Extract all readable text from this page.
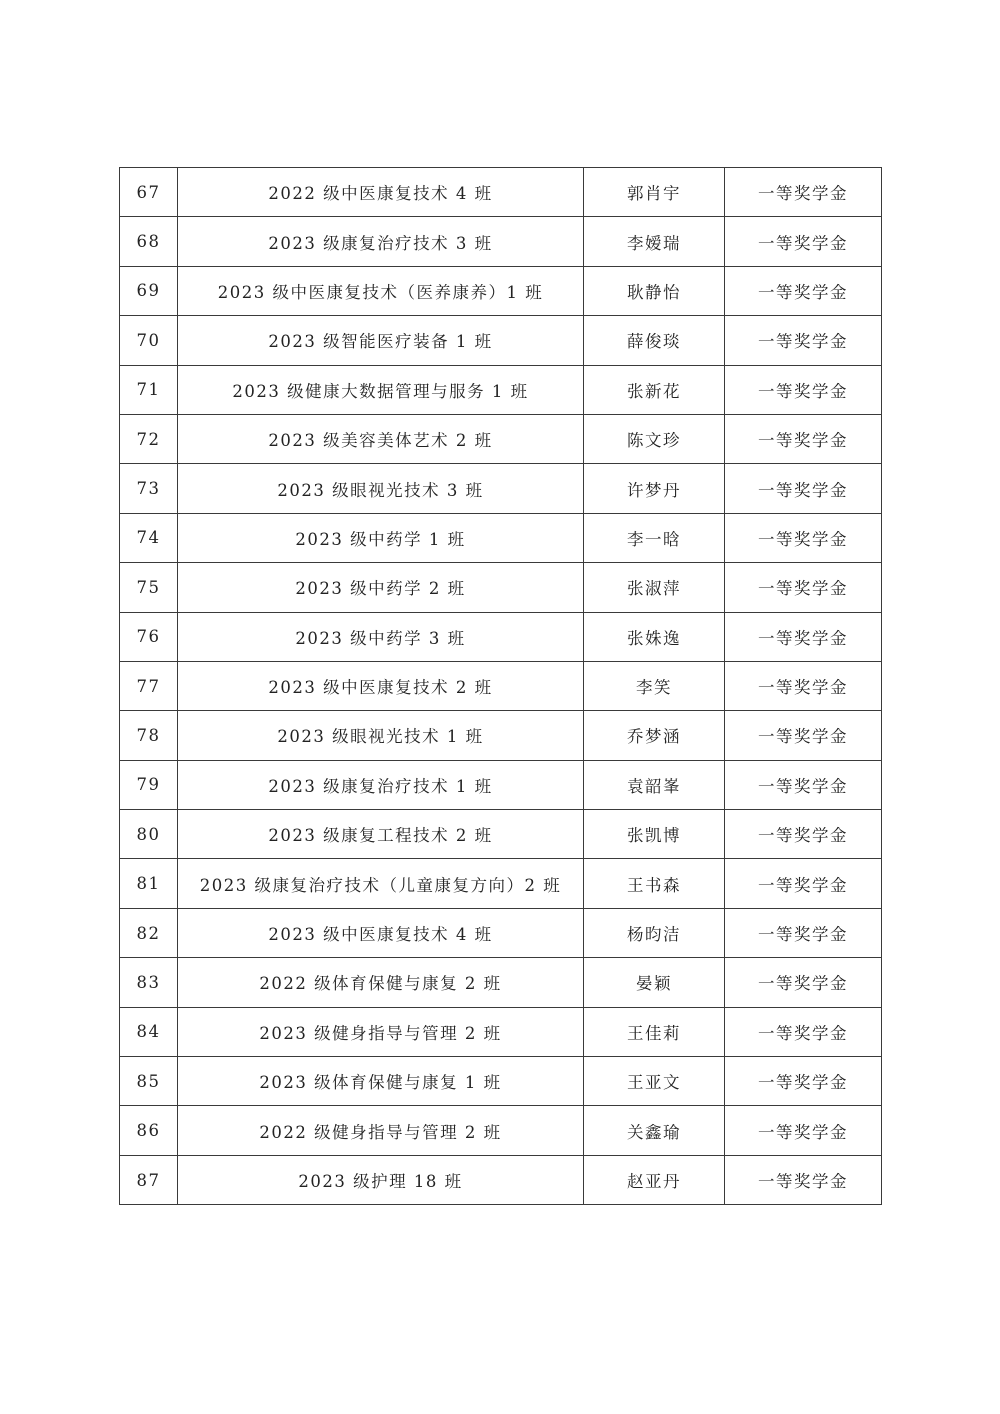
67	2022 级中医康复技术 4 班	郭肖宇	一等奖学金
68	2023 级康复治疗技术 3 班	李嫒瑞	一等奖学金
69	2023 级中医康复技术（医养康养）1 班	耿静怡	一等奖学金
70	2023 级智能医疗装备 1 班	薛俊琰	一等奖学金
71	2023 级健康大数据管理与服务 1 班	张新花	一等奖学金
72	2023 级美容美体艺术 2 班	陈文珍	一等奖学金
73	2023 级眼视光技术 3 班	许梦丹	一等奖学金
74	2023 级中药学 1 班	李一晗	一等奖学金
75	2023 级中药学 2 班	张淑萍	一等奖学金
76	2023 级中药学 3 班	张姝逸	一等奖学金
77	2023 级中医康复技术 2 班	李笑	一等奖学金
78	2023 级眼视光技术 1 班	乔梦涵	一等奖学金
79	2023 级康复治疗技术 1 班	袁韶峯	一等奖学金
80	2023 级康复工程技术 2 班	张凯博	一等奖学金
81	2023 级康复治疗技术（儿童康复方向）2 班	王书森	一等奖学金
82	2023 级中医康复技术 4 班	杨昀洁	一等奖学金
83	2022 级体育保健与康复 2 班	晏颖	一等奖学金
84	2023 级健身指导与管理 2 班	王佳莉	一等奖学金
85	2023 级体育保健与康复 1 班	王亚文	一等奖学金
86	2022 级健身指导与管理 2 班	关鑫瑜	一等奖学金
87	2023 级护理 18 班	赵亚丹	一等奖学金
